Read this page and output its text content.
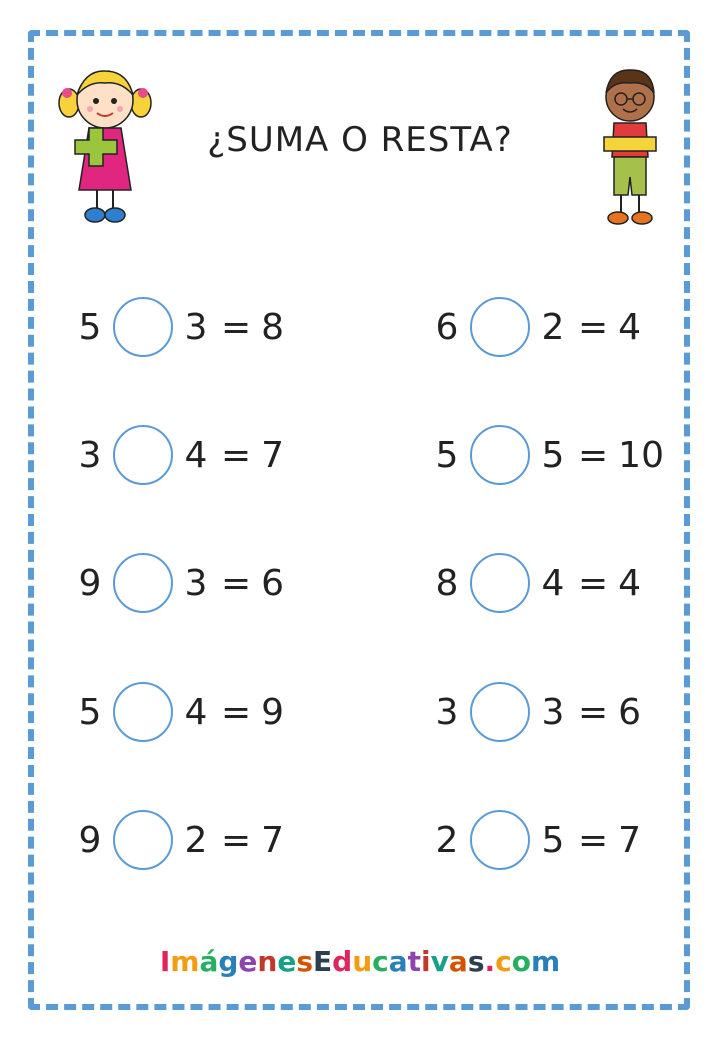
¿SUMA O RESTA?
5 3 = 8	6 2 = 4
3 4 = 7	5 5 = 10
9 3 = 6	8 4 = 4
5 4 = 9	3 3 = 6
9 2 = 7	2 5 = 7
ImágenesEducativas.com
